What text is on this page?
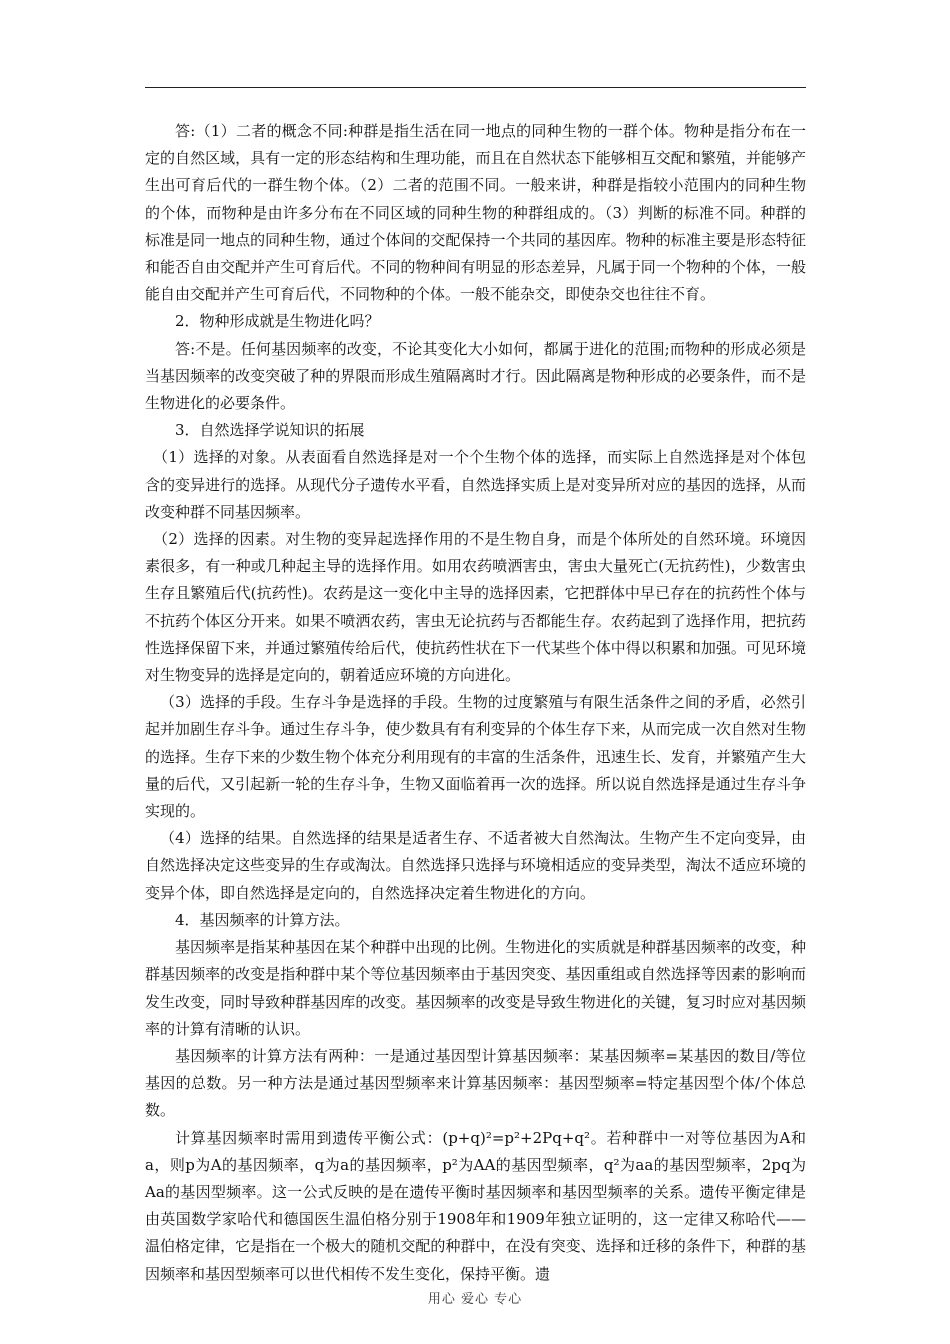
答:（1）二者的概念不同:种群是指生活在同一地点的同种生物的一群个体。物种是指分布在一定的自然区域，具有一定的形态结构和生理功能，而且在自然状态下能够相互交配和繁殖，并能够产生出可育后代的一群生物个体。（2）二者的范围不同。一般来讲，种群是指较小范围内的同种生物的个体，而物种是由许多分布在不同区域的同种生物的种群组成的。（3）判断的标准不同。种群的标准是同一地点的同种生物，通过个体间的交配保持一个共同的基因库。物种的标准主要是形态特征和能否自由交配并产生可育后代。不同的物种间有明显的形态差异，凡属于同一个物种的个体，一般能自由交配并产生可育后代，不同物种的个体。一般不能杂交，即使杂交也往往不育。

2．物种形成就是生物进化吗？

答:不是。任何基因频率的改变，不论其变化大小如何，都属于进化的范围;而物种的形成必须是当基因频率的改变突破了种的界限而形成生殖隔离时才行。因此隔离是物种形成的必要条件，而不是生物进化的必要条件。

3．自然选择学说知识的拓展

（1）选择的对象。从表面看自然选择是对一个个生物个体的选择，而实际上自然选择是对个体包含的变异进行的选择。从现代分子遗传水平看，自然选择实质上是对变异所对应的基因的选择，从而改变种群不同基因频率。

（2）选择的因素。对生物的变异起选择作用的不是生物自身，而是个体所处的自然环境。环境因素很多，有一种或几种起主导的选择作用。如用农药喷洒害虫，害虫大量死亡(无抗药性)，少数害虫生存且繁殖后代(抗药性)。农药是这一变化中主导的选择因素，它把群体中早已存在的抗药性个体与不抗药个体区分开来。如果不喷洒农药，害虫无论抗药与否都能生存。农药起到了选择作用，把抗药性选择保留下来，并通过繁殖传给后代，使抗药性状在下一代某些个体中得以积累和加强。可见环境对生物变异的选择是定向的，朝着适应环境的方向进化。

（3）选择的手段。生存斗争是选择的手段。生物的过度繁殖与有限生活条件之间的矛盾，必然引起并加剧生存斗争。通过生存斗争，使少数具有有利变异的个体生存下来，从而完成一次自然对生物的选择。生存下来的少数生物个体充分利用现有的丰富的生活条件，迅速生长、发育，并繁殖产生大量的后代，又引起新一轮的生存斗争，生物又面临着再一次的选择。所以说自然选择是通过生存斗争实现的。

（4）选择的结果。自然选择的结果是适者生存、不适者被大自然淘汰。生物产生不定向变异，由自然选择决定这些变异的生存或淘汰。自然选择只选择与环境相适应的变异类型，淘汰不适应环境的变异个体，即自然选择是定向的，自然选择决定着生物进化的方向。

4．基因频率的计算方法。

基因频率是指某种基因在某个种群中出现的比例。生物进化的实质就是种群基因频率的改变，种群基因频率的改变是指种群中某个等位基因频率由于基因突变、基因重组或自然选择等因素的影响而发生改变，同时导致种群基因库的改变。基因频率的改变是导致生物进化的关键，复习时应对基因频率的计算有清晰的认识。

基因频率的计算方法有两种：一是通过基因型计算基因频率：某基因频率=某基因的数目/等位基因的总数。另一种方法是通过基因型频率来计算基因频率：基因型频率=特定基因型个体/个体总数。

计算基因频率时需用到遗传平衡公式：(p+q)²=p²+2Pq+q²。若种群中一对等位基因为A和a，则p为A的基因频率，q为a的基因频率，p²为AA的基因型频率，q²为aa的基因型频率，2pq为Aa的基因型频率。这一公式反映的是在遗传平衡时基因频率和基因型频率的关系。遗传平衡定律是由英国数学家哈代和德国医生温伯格分别于1908年和1909年独立证明的，这一定律又称哈代——温伯格定律，它是指在一个极大的随机交配的种群中，在没有突变、选择和迁移的条件下，种群的基因频率和基因型频率可以世代相传不发生变化，保持平衡。遗

用心 爱心 专心
